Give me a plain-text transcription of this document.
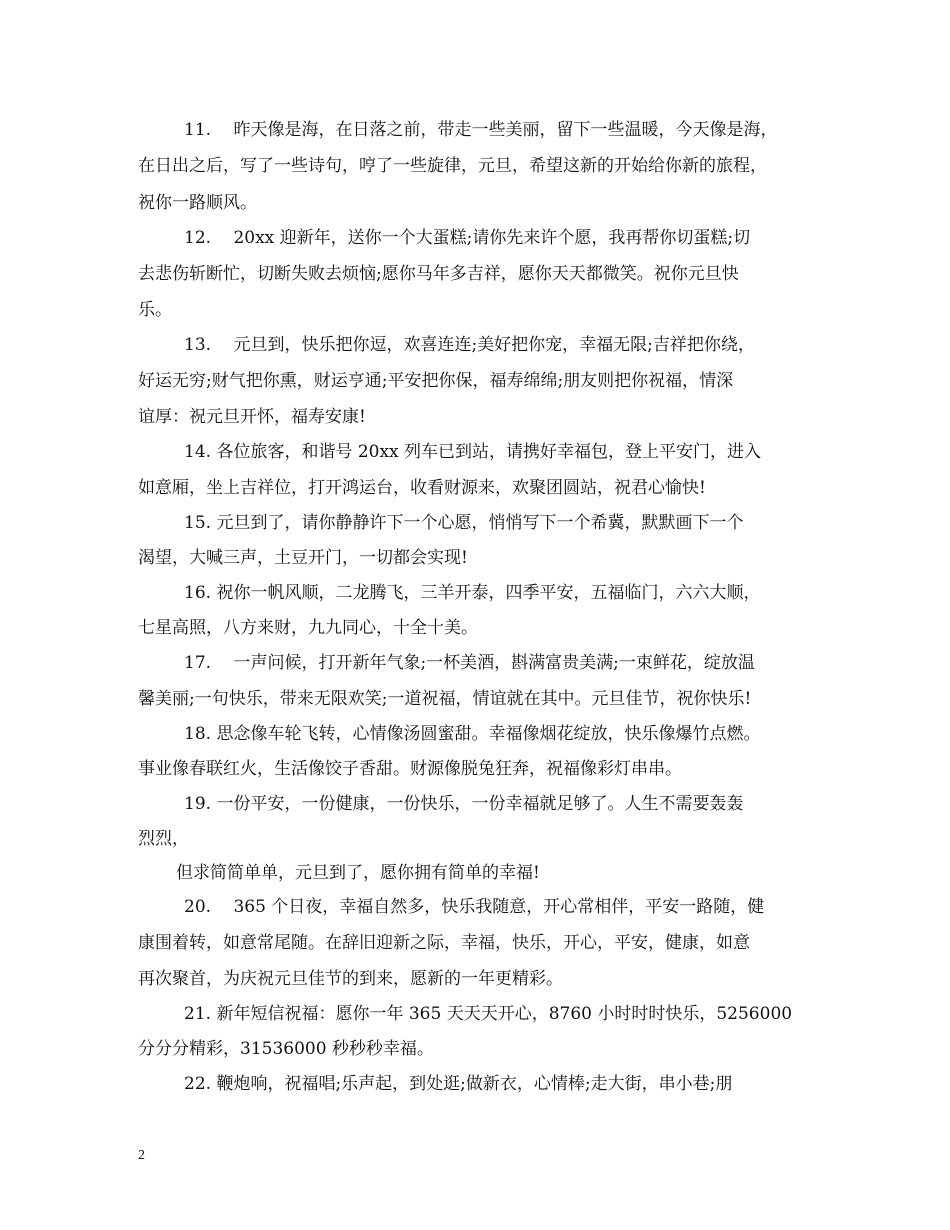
11.　 昨天像是海，在日落之前，带走一些美丽，留下一些温暖，今天像是海，
在日出之后，写了一些诗句，哼了一些旋律，元旦，希望这新的开始给你新的旅程，
祝你一路顺风。
12.　 20xx 迎新年，送你一个大蛋糕;请你先来许个愿，我再帮你切蛋糕;切
去悲伤斩断忙，切断失败去烦恼;愿你马年多吉祥，愿你天天都微笑。祝你元旦快
乐。
13.　 元旦到，快乐把你逗，欢喜连连;美好把你宠，幸福无限;吉祥把你绕，
好运无穷;财气把你熏，财运亨通;平安把你保，福寿绵绵;朋友则把你祝福，情深
谊厚：祝元旦开怀，福寿安康!
14. 各位旅客，和谐号 20xx 列车已到站，请携好幸福包，登上平安门，进入
如意厢，坐上吉祥位，打开鸿运台，收看财源来，欢聚团圆站，祝君心愉快!
15. 元旦到了，请你静静许下一个心愿，悄悄写下一个希冀，默默画下一个
渴望，大喊三声，土豆开门，一切都会实现!
16. 祝你一帆风顺，二龙腾飞，三羊开泰，四季平安，五福临门，六六大顺，
七星高照，八方来财，九九同心，十全十美。
17.　 一声问候，打开新年气象;一杯美酒，斟满富贵美满;一束鲜花，绽放温
馨美丽;一句快乐，带来无限欢笑;一道祝福，情谊就在其中。元旦佳节，祝你快乐!
18. 思念像车轮飞转，心情像汤圆蜜甜。幸福像烟花绽放，快乐像爆竹点燃。
事业像春联红火，生活像饺子香甜。财源像脱兔狂奔，祝福像彩灯串串。
19. 一份平安，一份健康，一份快乐，一份幸福就足够了。人生不需要轰轰
烈烈，
但求简简单单，元旦到了，愿你拥有简单的幸福!
20.　 365 个日夜，幸福自然多，快乐我随意，开心常相伴，平安一路随，健
康围着转，如意常尾随。在辞旧迎新之际，幸福，快乐，开心，平安，健康，如意
再次聚首，为庆祝元旦佳节的到来，愿新的一年更精彩。
21. 新年短信祝福：愿你一年 365 天天天开心，8760 小时时时快乐，5256000
分分分精彩，31536000 秒秒秒幸福。
22. 鞭炮响，祝福唱;乐声起，到处逛;做新衣，心情棒;走大街，串小巷;朋
2
